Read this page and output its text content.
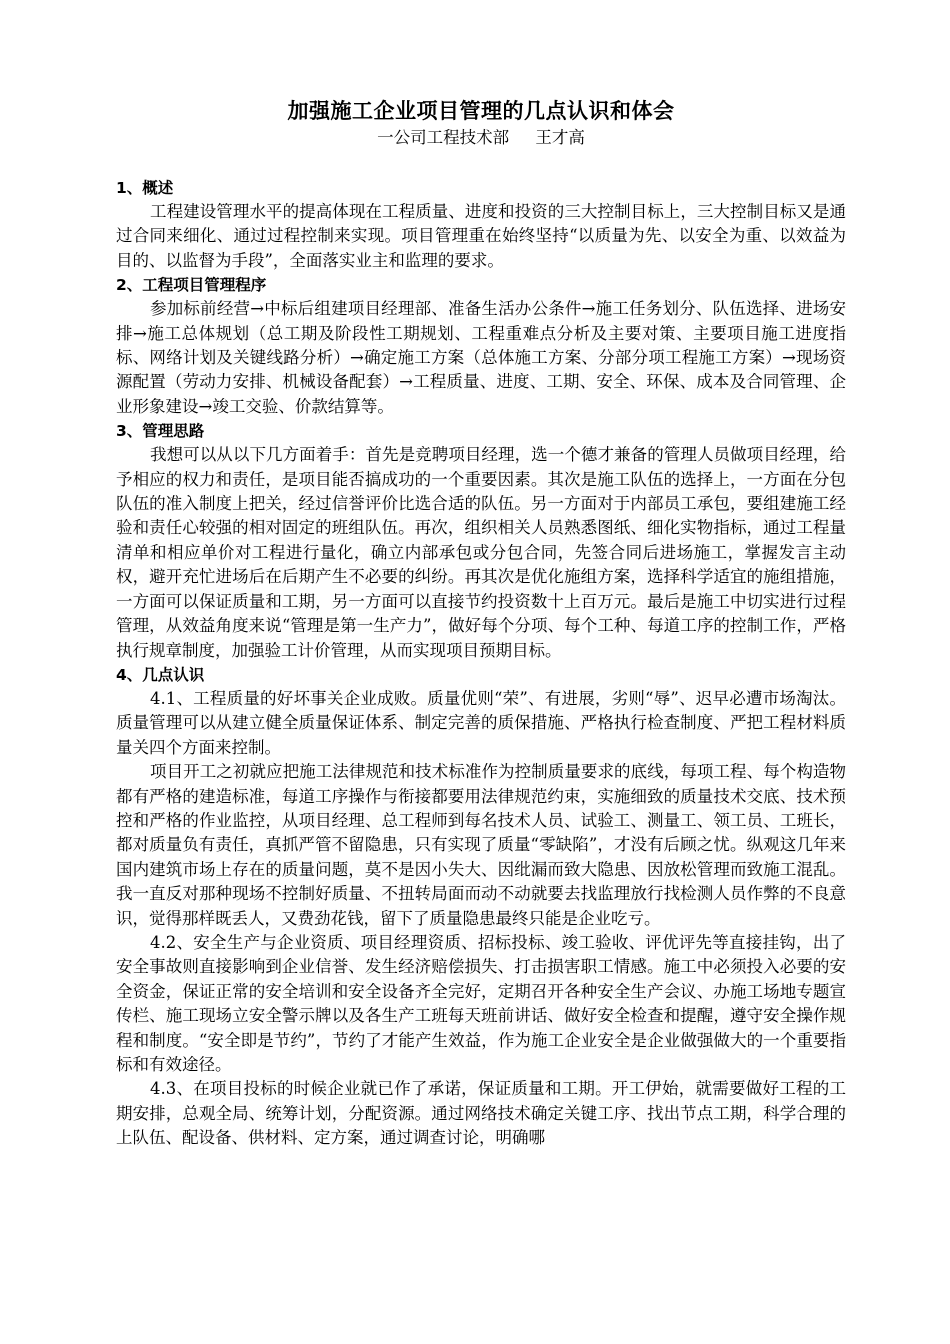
加强施工企业项目管理的几点认识和体会

一公司工程技术部     王才高

1、概述

工程建设管理水平的提高体现在工程质量、进度和投资的三大控制目标上，三大控制目标又是通过合同来细化、通过过程控制来实现。项目管理重在始终坚持“以质量为先、以安全为重、以效益为目的、以监督为手段”，全面落实业主和监理的要求。

2、工程项目管理程序

参加标前经营→中标后组建项目经理部、准备生活办公条件→施工任务划分、队伍选择、进场安排→施工总体规划（总工期及阶段性工期规划、工程重难点分析及主要对策、主要项目施工进度指标、网络计划及关键线路分析）→确定施工方案（总体施工方案、分部分项工程施工方案）→现场资源配置（劳动力安排、机械设备配套）→工程质量、进度、工期、安全、环保、成本及合同管理、企业形象建设→竣工交验、价款结算等。

3、管理思路

我想可以从以下几方面着手：首先是竞聘项目经理，选一个德才兼备的管理人员做项目经理，给予相应的权力和责任，是项目能否搞成功的一个重要因素。其次是施工队伍的选择上，一方面在分包队伍的准入制度上把关，经过信誉评价比选合适的队伍。另一方面对于内部员工承包，要组建施工经验和责任心较强的相对固定的班组队伍。再次，组织相关人员熟悉图纸、细化实物指标，通过工程量清单和相应单价对工程进行量化，确立内部承包或分包合同，先签合同后进场施工，掌握发言主动权，避开充忙进场后在后期产生不必要的纠纷。再其次是优化施组方案，选择科学适宜的施组措施，一方面可以保证质量和工期，另一方面可以直接节约投资数十上百万元。最后是施工中切实进行过程管理，从效益角度来说“管理是第一生产力”，做好每个分项、每个工种、每道工序的控制工作，严格执行规章制度，加强验工计价管理，从而实现项目预期目标。

4、几点认识

4.1、工程质量的好坏事关企业成败。质量优则“荣”、有进展，劣则“辱”、迟早必遭市场淘汰。质量管理可以从建立健全质量保证体系、制定完善的质保措施、严格执行检查制度、严把工程材料质量关四个方面来控制。

项目开工之初就应把施工法律规范和技术标准作为控制质量要求的底线，每项工程、每个构造物都有严格的建造标准，每道工序操作与衔接都要用法律规范约束，实施细致的质量技术交底、技术预控和严格的作业监控，从项目经理、总工程师到每名技术人员、试验工、测量工、领工员、工班长，都对质量负有责任，真抓严管不留隐患，只有实现了质量“零缺陷”，才没有后顾之忧。纵观这几年来国内建筑市场上存在的质量问题，莫不是因小失大、因纰漏而致大隐患、因放松管理而致施工混乱。我一直反对那种现场不控制好质量、不扭转局面而动不动就要去找监理放行找检测人员作弊的不良意识，觉得那样既丢人，又费劲花钱，留下了质量隐患最终只能是企业吃亏。

4.2、安全生产与企业资质、项目经理资质、招标投标、竣工验收、评优评先等直接挂钩，出了安全事故则直接影响到企业信誉、发生经济赔偿损失、打击损害职工情感。施工中必须投入必要的安全资金，保证正常的安全培训和安全设备齐全完好，定期召开各种安全生产会议、办施工场地专题宣传栏、施工现场立安全警示牌以及各生产工班每天班前讲话、做好安全检查和提醒，遵守安全操作规程和制度。“安全即是节约”，节约了才能产生效益，作为施工企业安全是企业做强做大的一个重要指标和有效途径。

4.3、在项目投标的时候企业就已作了承诺，保证质量和工期。开工伊始，就需要做好工程的工期安排，总观全局、统筹计划，分配资源。通过网络技术确定关键工序、找出节点工期，科学合理的上队伍、配设备、供材料、定方案，通过调查讨论，明确哪
